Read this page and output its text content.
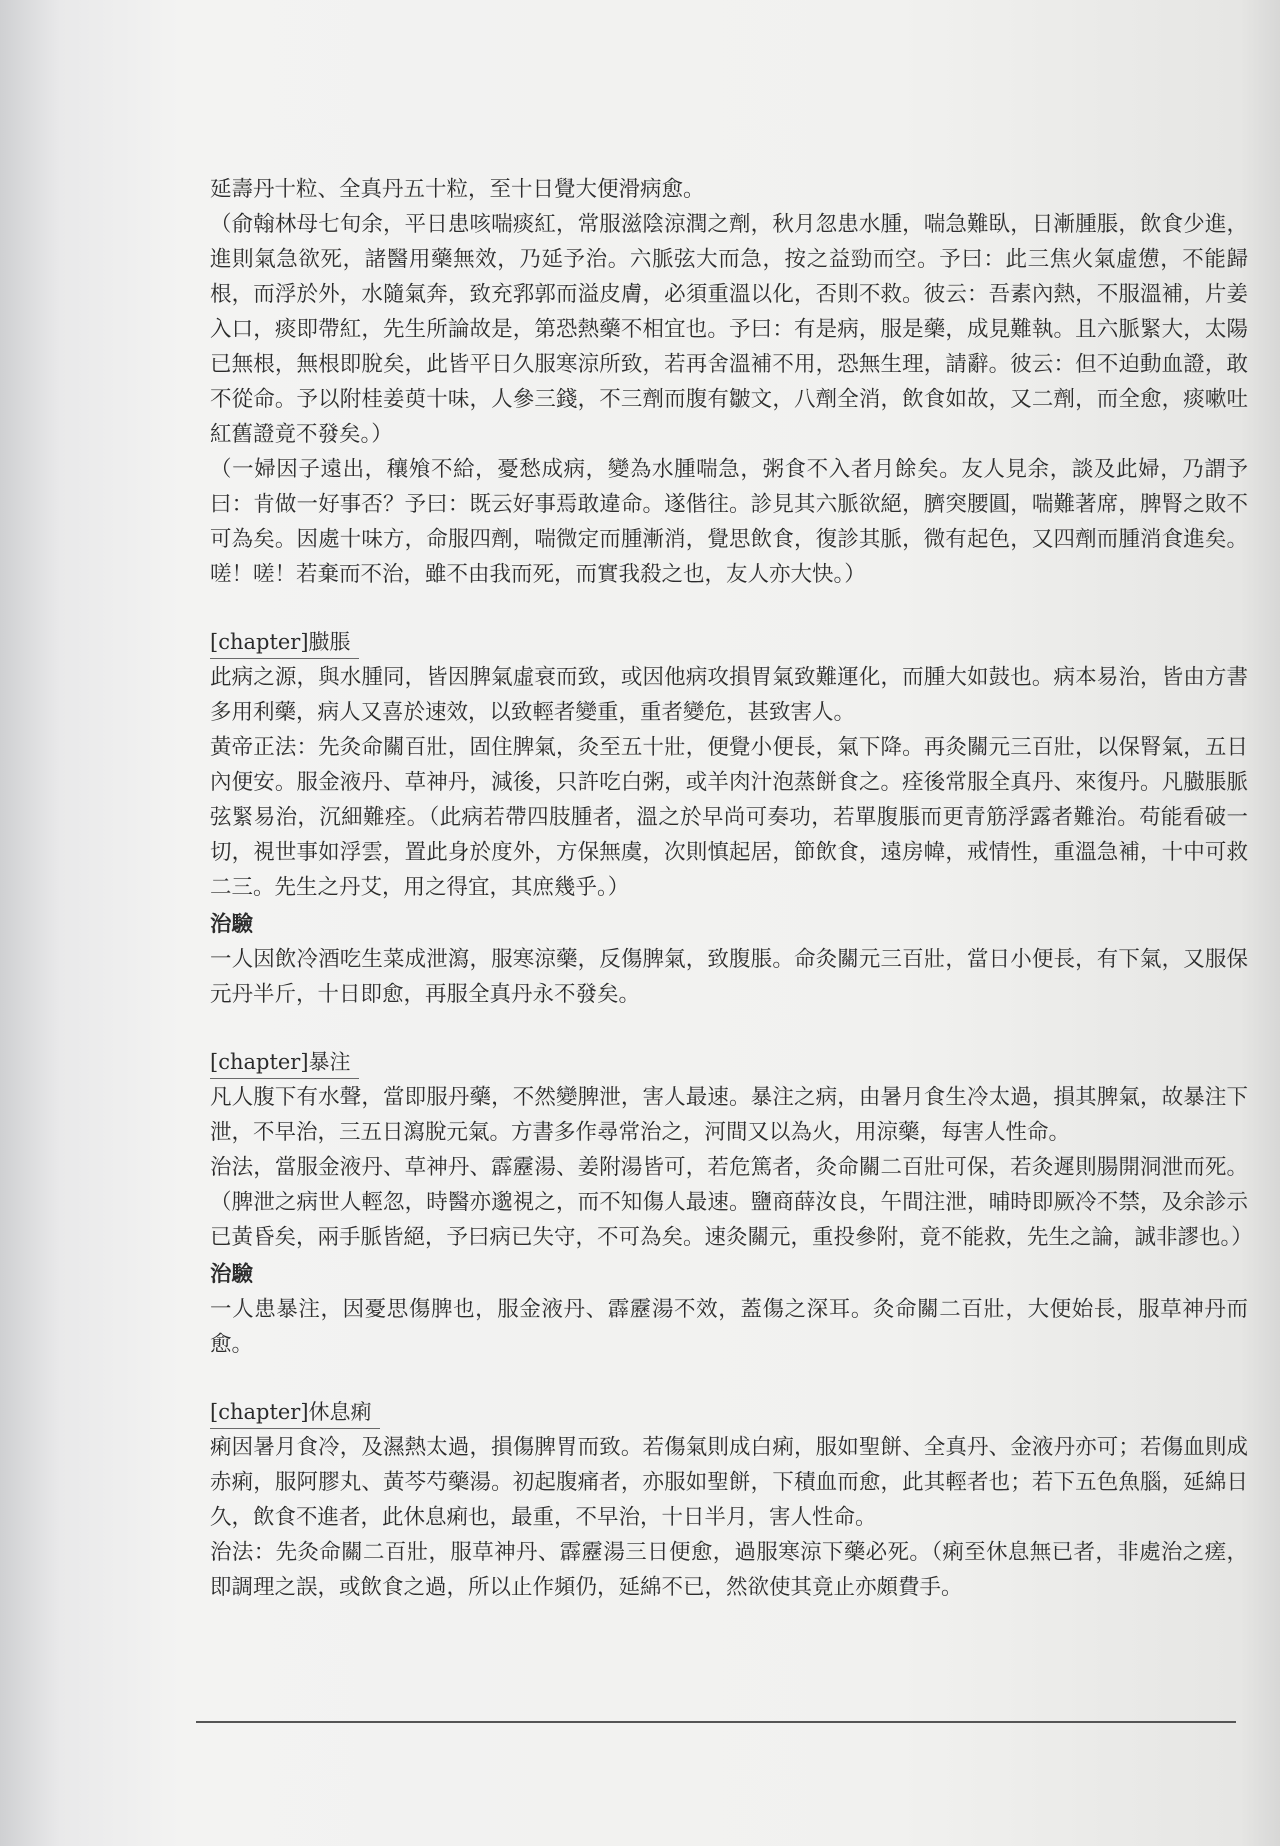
延壽丹十粒、全真丹五十粒，至十日覺大便滑病愈。

（俞翰林母七旬余，平日患咳喘痰紅，常服滋陰涼潤之劑，秋月忽患水腫，喘急難臥，日漸腫脹，飲食少進，進則氣急欲死，諸醫用藥無效，乃延予治。六脈弦大而急，按之益勁而空。予曰：此三焦火氣虛憊，不能歸根，而浮於外，水隨氣奔，致充郛郭而溢皮膚，必須重溫以化，否則不救。彼云：吾素內熱，不服溫補，片姜入口，痰即帶紅，先生所論故是，第恐熱藥不相宜也。予曰：有是病，服是藥，成見難執。且六脈緊大，太陽已無根，無根即脫矣，此皆平日久服寒涼所致，若再舍溫補不用，恐無生理，請辭。彼云：但不迫動血證，敢不從命。予以附桂姜萸十味，人參三錢，不三劑而腹有皺文，八劑全消，飲食如故，又二劑，而全愈，痰嗽吐紅舊證竟不發矣。）

（一婦因子遠出，穰飧不給，憂愁成病，變為水腫喘急，粥食不入者月餘矣。友人見余，談及此婦，乃謂予曰：肯做一好事否？予曰：既云好事焉敢違命。遂偕往。診見其六脈欲絕，臍突腰圓，喘難著席，脾腎之敗不可為矣。因處十味方，命服四劑，喘微定而腫漸消，覺思飲食，復診其脈，微有起色，又四劑而腫消食進矣。嗟！嗟！若棄而不治，雖不由我而死，而實我殺之也，友人亦大快。）

[chapter]臌脹

此病之源，與水腫同，皆因脾氣虛衰而致，或因他病攻損胃氣致難運化，而腫大如鼓也。病本易治，皆由方書多用利藥，病人又喜於速效，以致輕者變重，重者變危，甚致害人。

黃帝正法：先灸命關百壯，固住脾氣，灸至五十壯，便覺小便長，氣下降。再灸關元三百壯，以保腎氣，五日內便安。服金液丹、草神丹，減後，只許吃白粥，或羊肉汁泡蒸餅食之。痊後常服全真丹、來復丹。凡臌脹脈弦緊易治，沉細難痊。（此病若帶四肢腫者，溫之於早尚可奏功，若單腹脹而更青筋浮露者難治。苟能看破一切，視世事如浮雲，置此身於度外，方保無虞，次則慎起居，節飲食，遠房幃，戒情性，重溫急補，十中可救二三。先生之丹艾，用之得宜，其庶幾乎。）

治驗

一人因飲冷酒吃生菜成泄瀉，服寒涼藥，反傷脾氣，致腹脹。命灸關元三百壯，當日小便長，有下氣，又服保元丹半斤，十日即愈，再服全真丹永不發矣。

[chapter]暴注

凡人腹下有水聲，當即服丹藥，不然變脾泄，害人最速。暴注之病，由暑月食生冷太過，損其脾氣，故暴注下泄，不早治，三五日瀉脫元氣。方書多作尋常治之，河間又以為火，用涼藥，每害人性命。

治法，當服金液丹、草神丹、霹靂湯、姜附湯皆可，若危篤者，灸命關二百壯可保，若灸遲則腸開洞泄而死。（脾泄之病世人輕忽，時醫亦邈視之，而不知傷人最速。鹽商薛汝良，午間注泄，晡時即厥冷不禁，及余診示已黃昏矣，兩手脈皆絕，予曰病已失守，不可為矣。速灸關元，重投參附，竟不能救，先生之論，誠非謬也。）

治驗

一人患暴注，因憂思傷脾也，服金液丹、霹靂湯不效，蓋傷之深耳。灸命關二百壯，大便始長，服草神丹而愈。

[chapter]休息痢

痢因暑月食冷，及濕熱太過，損傷脾胃而致。若傷氣則成白痢，服如聖餅、全真丹、金液丹亦可；若傷血則成赤痢，服阿膠丸、黃芩芍藥湯。初起腹痛者，亦服如聖餅，下積血而愈，此其輕者也；若下五色魚腦，延綿日久，飲食不進者，此休息痢也，最重，不早治，十日半月，害人性命。

治法：先灸命關二百壯，服草神丹、霹靂湯三日便愈，過服寒涼下藥必死。（痢至休息無已者，非處治之瘥，即調理之誤，或飲食之過，所以止作頻仍，延綿不已，然欲使其竟止亦頗費手。
